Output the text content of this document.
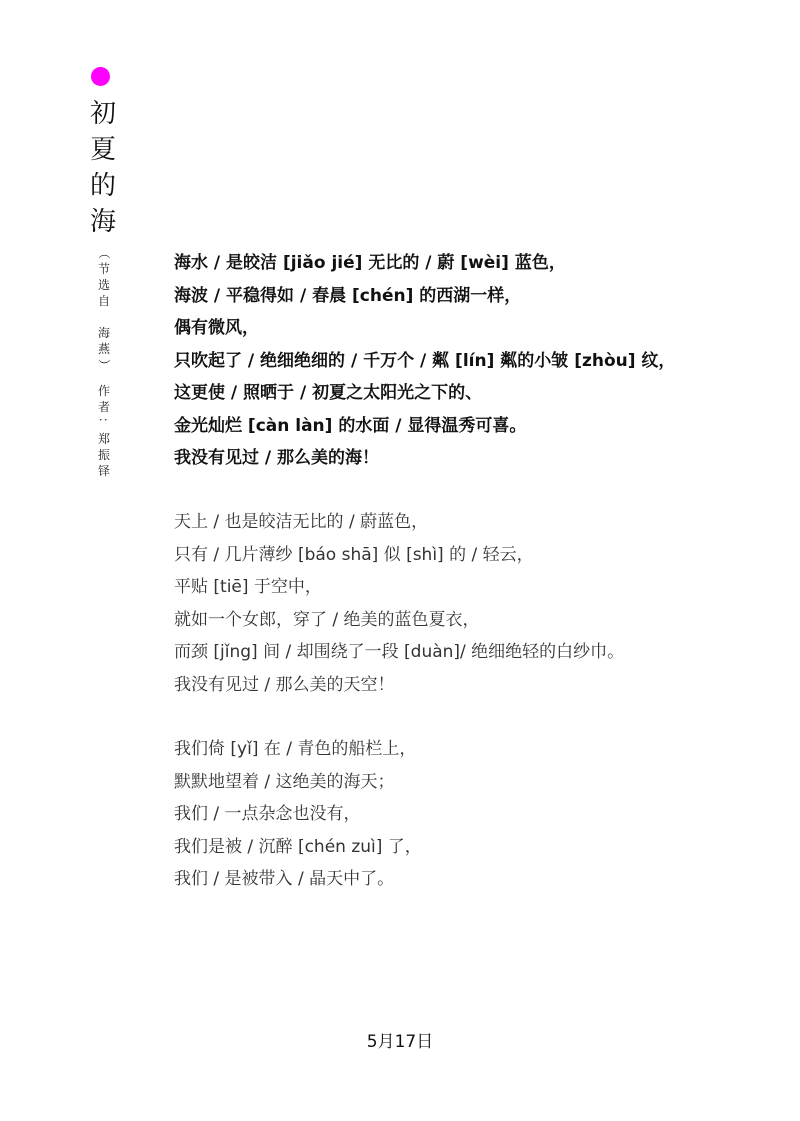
初
夏
的
海
（
节
选
自
海
燕
）
作
者
：
郑
振
铎
海水 / 是皎洁 [jiǎo jié] 无比的 / 蔚 [wèi] 蓝色，
海波 / 平稳得如 / 春晨 [chén] 的西湖一样，
偶有微风，
只吹起了 / 绝细绝细的 / 千万个 / 粼 [lín] 粼的小皱 [zhòu] 纹，
这更使 / 照晒于 / 初夏之太阳光之下的、
金光灿烂 [càn làn] 的水面 / 显得温秀可喜。
我没有见过 / 那么美的海！
天上 / 也是皎洁无比的 / 蔚蓝色，
只有 / 几片薄纱 [báo shā] 似 [shì] 的 / 轻云，
平贴 [tiē] 于空中，
就如一个女郎，穿了 / 绝美的蓝色夏衣，
而颈 [jǐng] 间 / 却围绕了一段 [duàn]/ 绝细绝轻的白纱巾。
我没有见过 / 那么美的天空！
我们倚 [yǐ] 在 / 青色的船栏上，
默默地望着 / 这绝美的海天；
我们 / 一点杂念也没有，
我们是被 / 沉醉 [chén zuì] 了，
我们 / 是被带入 / 晶天中了。
5月17日
